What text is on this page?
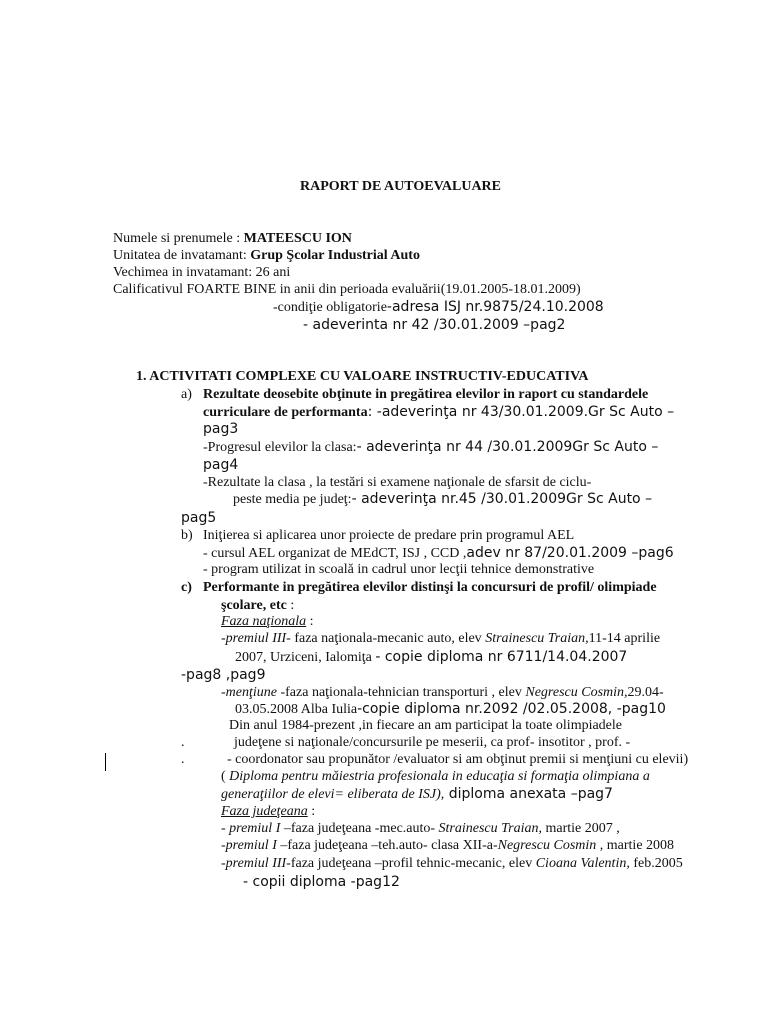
RAPORT DE AUTOEVALUARE
Numele si prenumele : MATEESCU ION
Unitatea de invatamant: Grup Şcolar Industrial Auto
Vechimea in invatamant: 26 ani
Calificativul FOARTE BINE in anii din perioada evaluării(19.01.2005-18.01.2009)
-condiţie obligatorie-adresa ISJ nr.9875/24.10.2008
- adeverinta nr 42 /30.01.2009 –pag2
1. ACTIVITATI COMPLEXE CU VALOARE INSTRUCTIV-EDUCATIVA
a) Rezultate deosebite obţinute in pregătirea elevilor in raport cu standardele
curriculare de performanta: -adeverinţa nr 43/30.01.2009.Gr Sc Auto –
pag3
-Progresul elevilor la clasa:- adeverinţa nr 44 /30.01.2009Gr Sc Auto –
pag4
-Rezultate la clasa , la testări si examene naţionale de sfarsit de ciclu-
peste media pe judeţ:- adeverinţa nr.45 /30.01.2009Gr Sc Auto –
pag5
b) Iniţierea si aplicarea unor proiecte de predare prin programul AEL
- cursul AEL organizat de MEdCT, ISJ , CCD ,adev nr 87/20.01.2009 –pag6
- program utilizat in scoală in cadrul unor lecţii tehnice demonstrative
c) Performante in pregătirea elevilor distinşi la concursuri de profil/ olimpiade
şcolare, etc :
Faza naţionala :
-premiul III- faza naţionala-mecanic auto, elev Strainescu Traian,11-14 aprilie
2007, Urziceni, Ialomiţa - copie diploma nr 6711/14.04.2007
-pag8 ,pag9
-menţiune -faza naţionala-tehnician transporturi , elev Negrescu Cosmin,29.04-
03.05.2008 Alba Iulia-copie diploma nr.2092 /02.05.2008, -pag10
Din anul 1984-prezent ,in fiecare an am participat la toate olimpiadele
.	judeţene si naţionale/concursurile pe meserii, ca prof- insotitor , prof. -
.	- coordonator sau propunător /evaluator si am obţinut premii si menţiuni cu elevii)
( Diploma pentru măiestria profesionala in educaţia si formaţia olimpiana a
generaţiilor de elevi= eliberata de ISJ), diploma anexata –pag7
Faza judeţeana :
- premiul I –faza judeţeana -mec.auto- Strainescu Traian, martie 2007 ,
-premiul I –faza judeţeana –teh.auto- clasa XII-a-Negrescu Cosmin , martie 2008
-premiul III-faza judeţeana –profil tehnic-mecanic, elev Cioana Valentin, feb.2005
- copii diploma -pag12
